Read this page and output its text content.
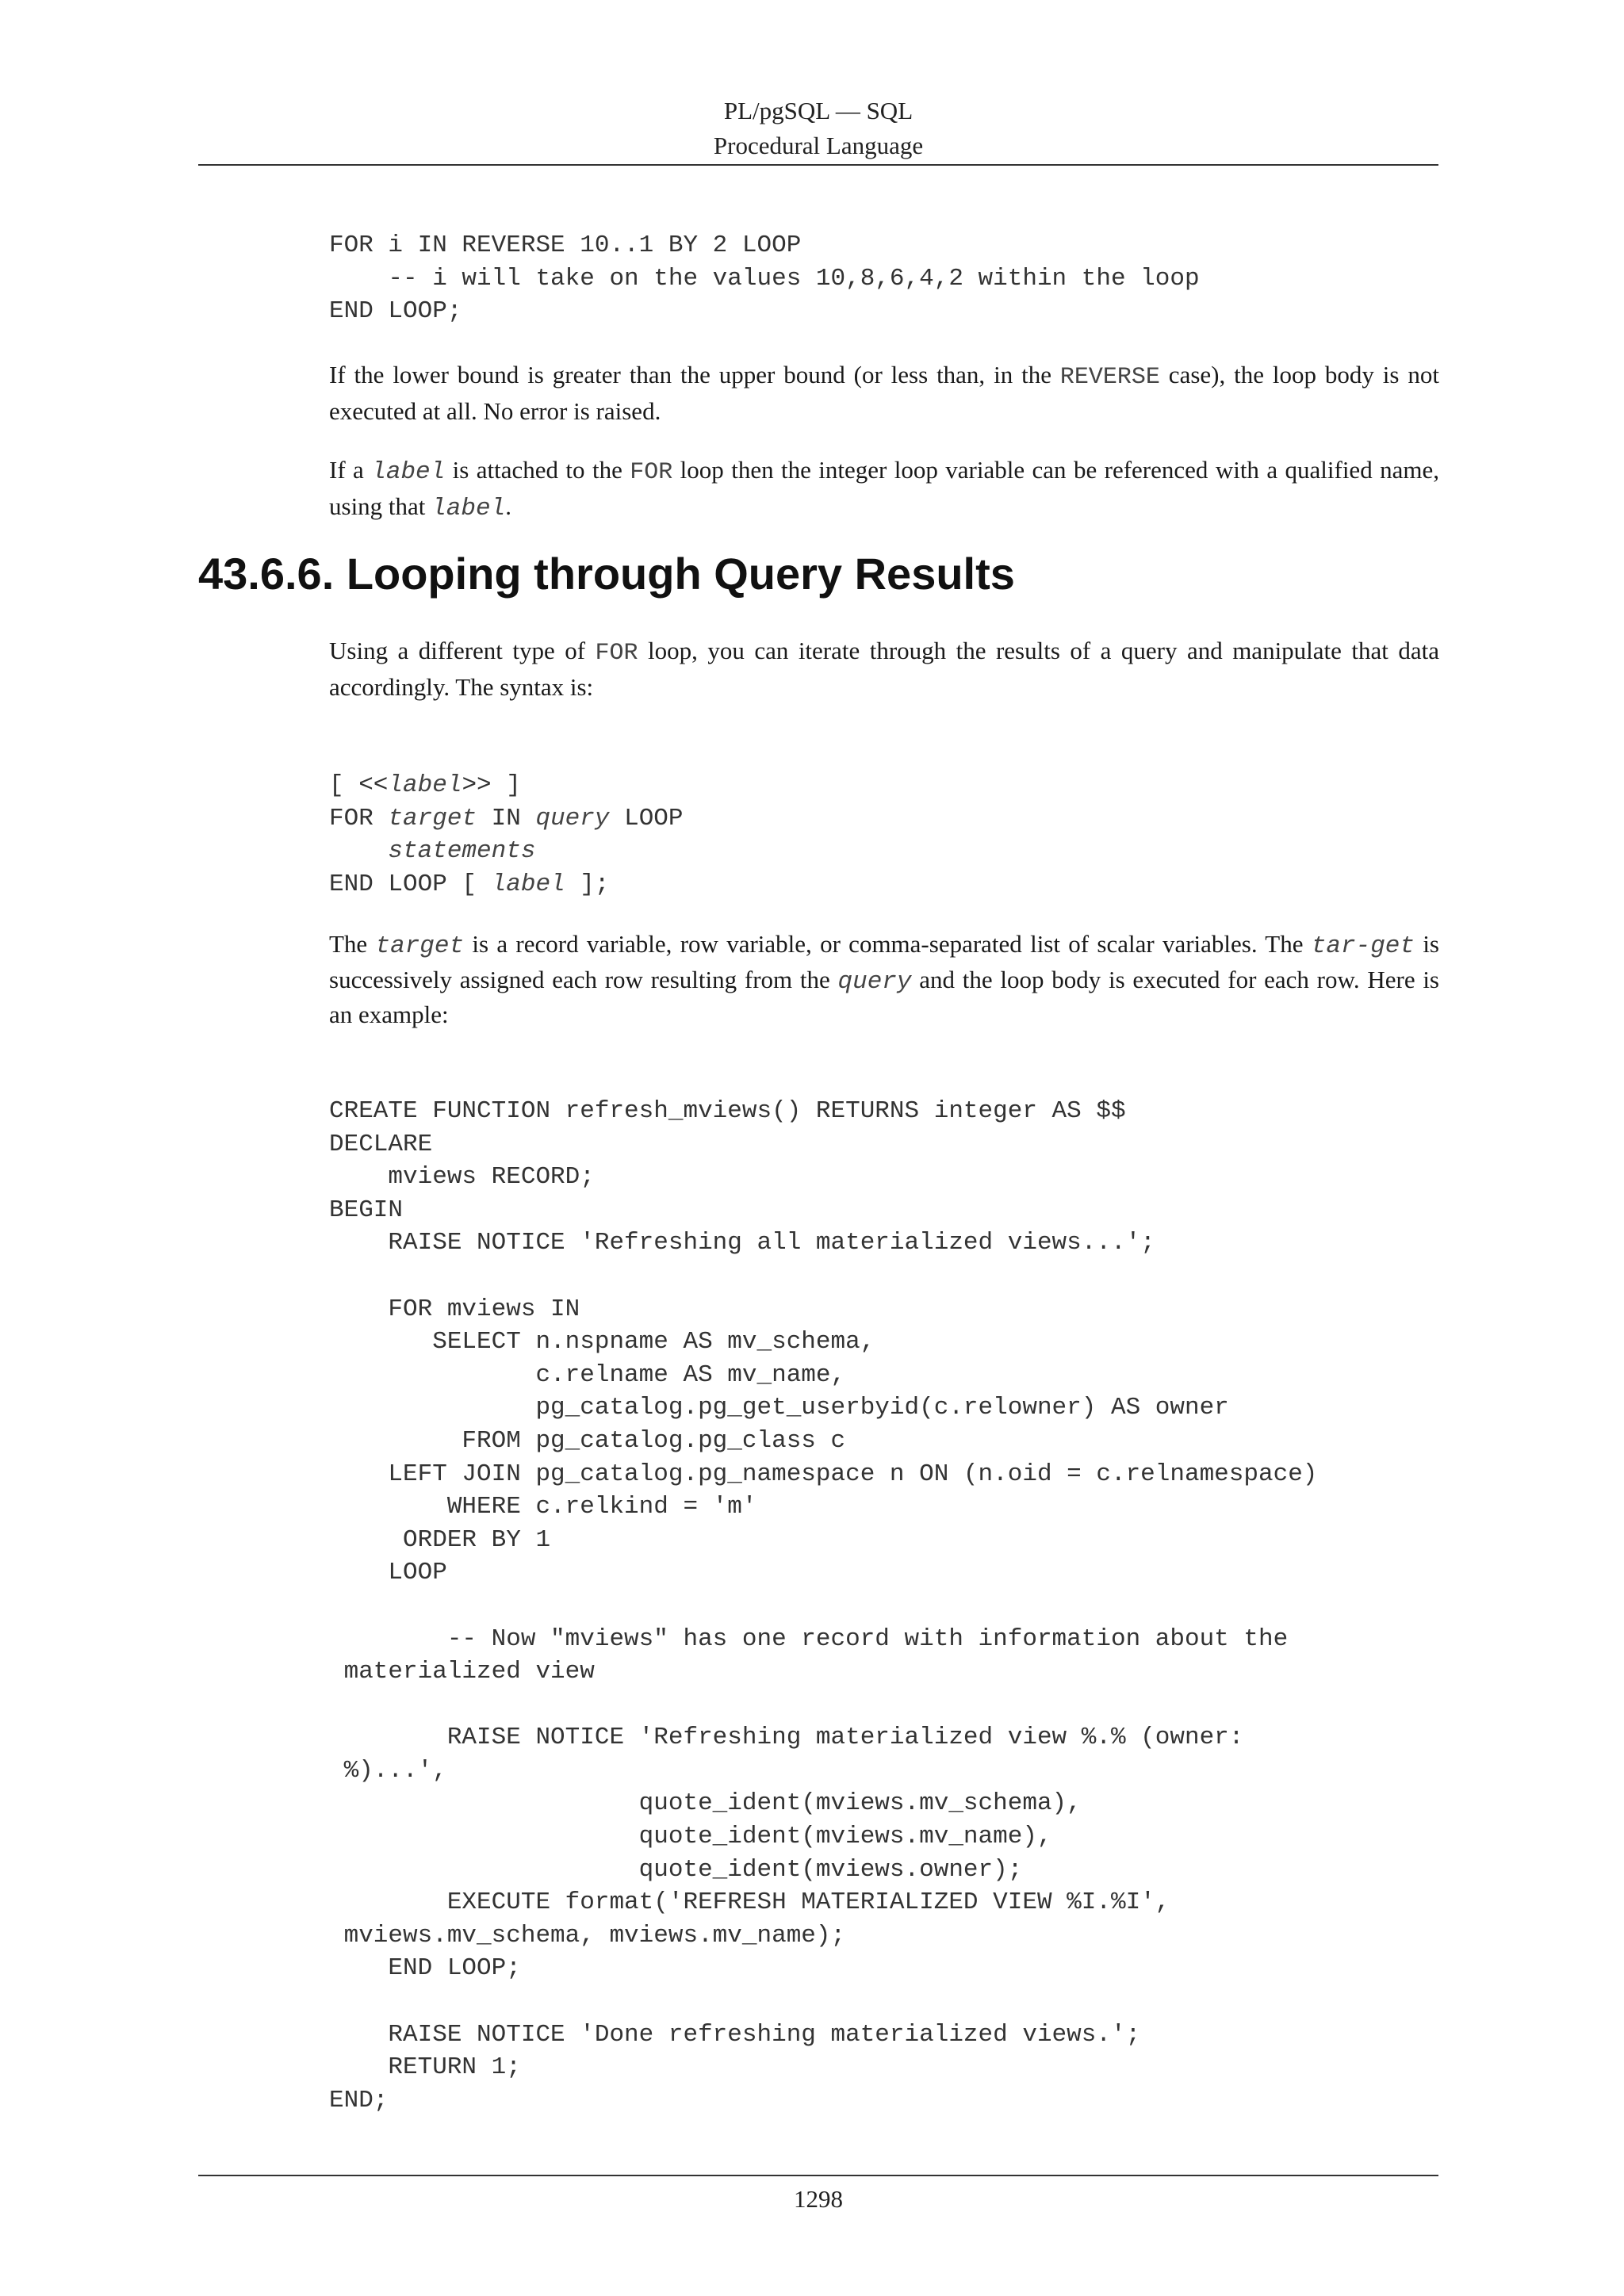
PL/pgSQL — SQL
Procedural Language
FOR i IN REVERSE 10..1 BY 2 LOOP
-- i will take on the values 10,8,6,4,2 within the loop
END LOOP;

If the lower bound is greater than the upper bound (or less than, in the REVERSE case), the loop body is not executed at all. No error is raised.

If a label is attached to the FOR loop then the integer loop variable can be referenced with a qualified name, using that label.

43.6.6. Looping through Query Results

Using a different type of FOR loop, you can iterate through the results of a query and manipulate that data accordingly. The syntax is:

[ <<label>> ]
FOR target IN query LOOP
statements
END LOOP [ label ];

The target is a record variable, row variable, or comma-separated list of scalar variables. The tar-get is successively assigned each row resulting from the query and the loop body is executed for each row. Here is an example:

CREATE FUNCTION refresh_mviews() RETURNS integer AS $$
DECLARE
mviews RECORD;
BEGIN
RAISE NOTICE 'Refreshing all materialized views...';

FOR mviews IN
SELECT n.nspname AS mv_schema,
c.relname AS mv_name,
pg_catalog.pg_get_userbyid(c.relowner) AS owner
FROM pg_catalog.pg_class c
LEFT JOIN pg_catalog.pg_namespace n ON (n.oid = c.relnamespace)
WHERE c.relkind = 'm'
ORDER BY 1
LOOP

-- Now "mviews" has one record with information about the
materialized view

RAISE NOTICE 'Refreshing materialized view %.% (owner:
%)...',
quote_ident(mviews.mv_schema),
quote_ident(mviews.mv_name),
quote_ident(mviews.owner);
EXECUTE format('REFRESH MATERIALIZED VIEW %I.%I',
mviews.mv_schema, mviews.mv_name);
END LOOP;

RAISE NOTICE 'Done refreshing materialized views.';
RETURN 1;
END;
1298
